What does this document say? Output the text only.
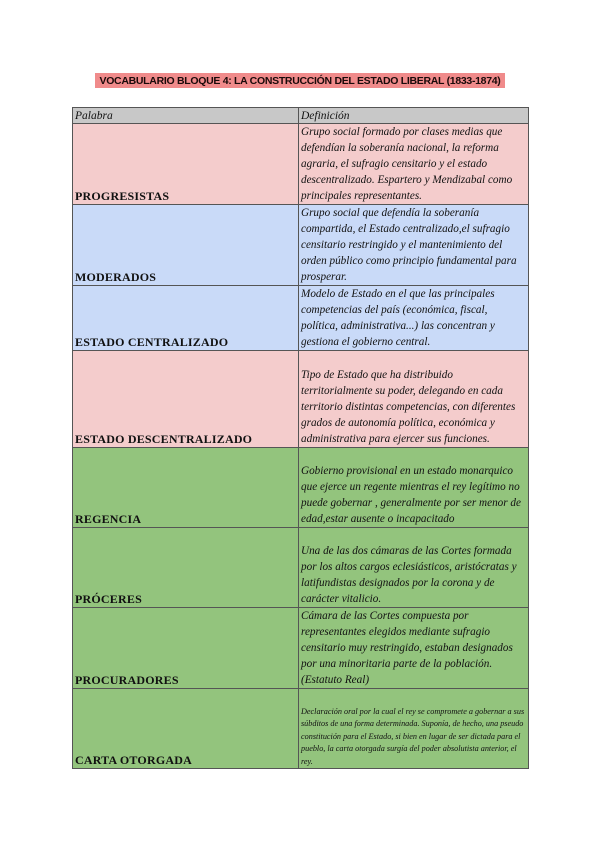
VOCABULARIO BLOQUE 4: LA CONSTRUCCIÓN DEL ESTADO LIBERAL (1833-1874)
Palabra	Definición
PROGRESISTAS	Grupo social formado por clases medias que defendían la soberanía nacional, la reforma agraria, el sufragio censitario y el estado descentralizado. Espartero y Mendizabal como principales representantes.
MODERADOS	Grupo social que defendía la soberanía compartida, el Estado centralizado,el sufragio censitario restringido y el mantenimiento del orden público como principio fundamental para prosperar.
ESTADO CENTRALIZADO	Modelo de Estado en el que las principales competencias del país (económica, fiscal, política, administrativa...) las concentran y gestiona el gobierno central.
ESTADO DESCENTRALIZADO	Tipo de Estado que ha distribuido territorialmente su poder, delegando en cada territorio distintas competencias, con diferentes grados de autonomía política, económica y administrativa para ejercer sus funciones.
REGENCIA	Gobierno provisional en un estado monarquico que ejerce un regente mientras el rey legítimo no puede gobernar , generalmente por ser menor de edad,estar ausente o incapacitado
PRÓCERES	Una de las dos cámaras de las Cortes formada por los altos cargos eclesiásticos, aristócratas y latifundistas designados por la corona y de carácter vitalicio.
PROCURADORES	Cámara de las Cortes compuesta por representantes elegidos mediante sufragio censitario muy restringido, estaban designados por una minoritaria parte de la población. (Estatuto Real)
CARTA OTORGADA	Declaración oral por la cual el rey se compromete a gobernar a sus súbditos de una forma determinada. Suponía, de hecho, una pseudo constitución para el Estado, si bien en lugar de ser dictada para el pueblo, la carta otorgada surgía del poder absolutista anterior, el rey.
